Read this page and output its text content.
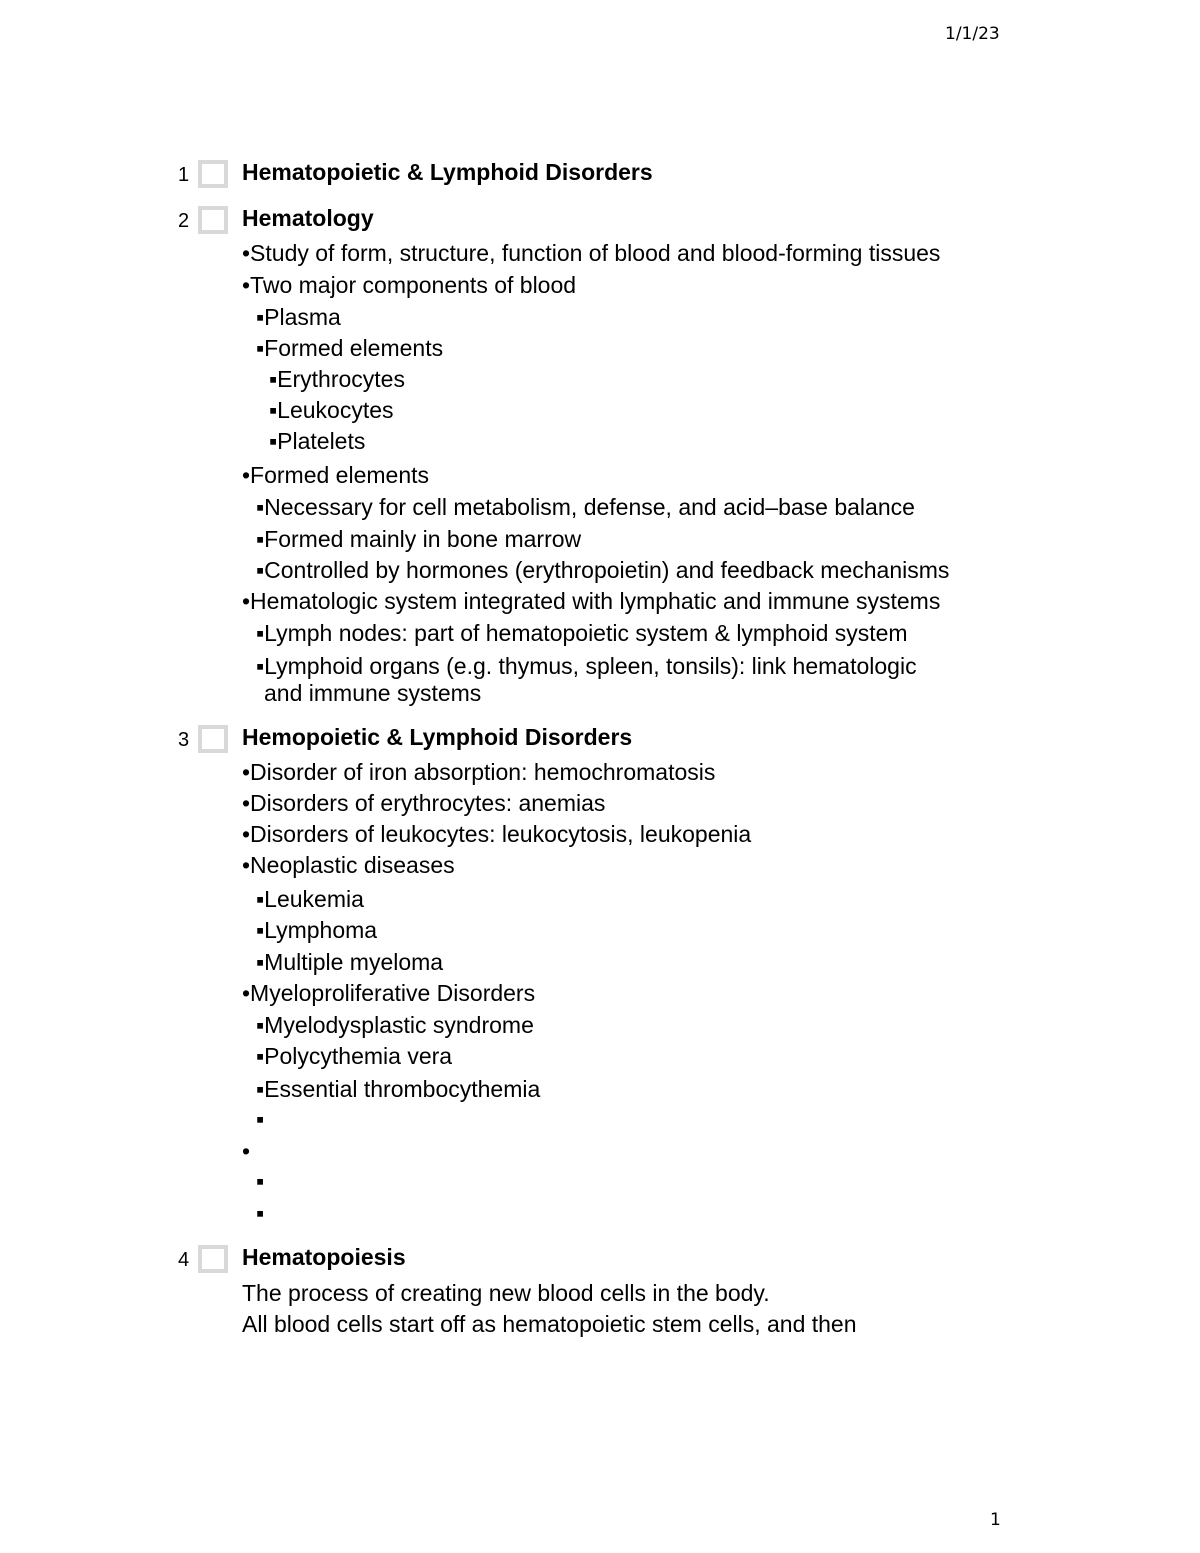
1/1/23
1 Hematopoietic & Lymphoid Disorders
2 Hematology
•Study of form, structure, function of blood and blood-forming tissues
•Two major components of blood
▪Plasma
▪Formed elements
▪Erythrocytes
▪Leukocytes
▪Platelets
•Formed elements
▪Necessary for cell metabolism, defense, and acid–base balance
▪Formed mainly in bone marrow
▪Controlled by hormones (erythropoietin) and feedback mechanisms
•Hematologic system integrated with lymphatic and immune systems
▪Lymph nodes: part of hematopoietic system & lymphoid system
▪Lymphoid organs (e.g. thymus, spleen, tonsils): link hematologic
and immune systems
3 Hemopoietic & Lymphoid Disorders
•Disorder of iron absorption: hemochromatosis
•Disorders of erythrocytes: anemias
•Disorders of leukocytes: leukocytosis, leukopenia
•Neoplastic diseases
▪Leukemia
▪Lymphoma
▪Multiple myeloma
•Myeloproliferative Disorders
▪Myelodysplastic syndrome
▪Polycythemia vera
▪Essential thrombocythemia
▪
•
▪
▪
4 Hematopoiesis
The process of creating new blood cells in the body.
All blood cells start off as hematopoietic stem cells, and then
1
